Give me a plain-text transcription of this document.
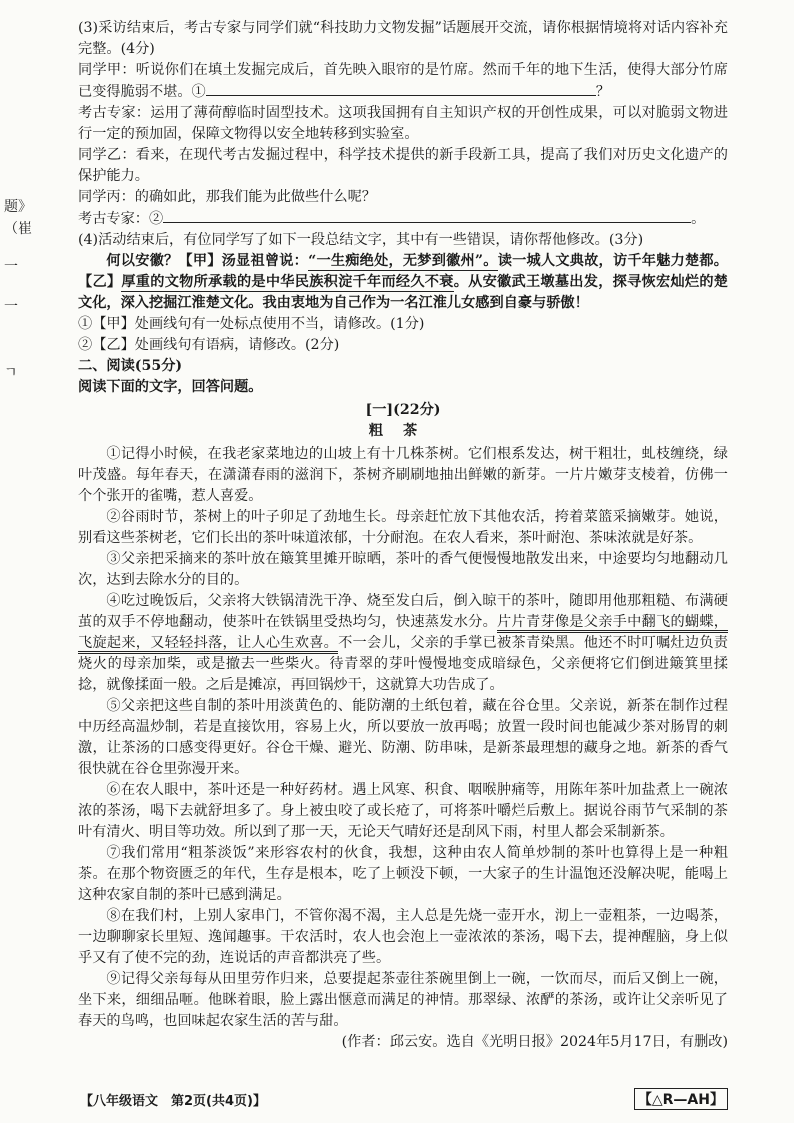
题》
（崔
一
一
ㄱ

(3)采访结束后，考古专家与同学们就“科技助力文物发掘”话题展开交流，请你根据情境将对话内容补充完整。(4分)

同学甲：听说你们在填土发掘完成后，首先映入眼帘的是竹席。然而千年的地下生活，使得大部分竹席已变得脆弱不堪。①	？

考古专家：运用了薄荷醇临时固型技术。这项我国拥有自主知识产权的开创性成果，可以对脆弱文物进行一定的预加固，保障文物得以安全地转移到实验室。

同学乙：看来，在现代考古发掘过程中，科学技术提供的新手段新工具，提高了我们对历史文化遗产的保护能力。

同学丙：的确如此，那我们能为此做些什么呢？

考古专家：②	。

(4)活动结束后，有位同学写了如下一段总结文字，其中有一些错误，请你帮他修改。(3分)

何以安徽？【甲】汤显祖曾说：“一生痴绝处，无梦到徽州”。读一城人文典故，访千年魅力楚都。【乙】厚重的文物所承载的是中华民族积淀千年而经久不衰。从安徽武王墩墓出发，探寻恢宏灿烂的楚文化，深入挖掘江淮楚文化。我由衷地为自己作为一名江淮儿女感到自豪与骄傲！

①【甲】处画线句有一处标点使用不当，请修改。(1分)

②【乙】处画线句有语病，请修改。(2分)

二、阅读(55分)

阅读下面的文字，回答问题。

[一](22分)

粗茶

①记得小时候，在我老家菜地边的山坡上有十几株茶树。它们根系发达，树干粗壮，虬枝缠绕，绿叶茂盛。每年春天，在潇潇春雨的滋润下，茶树齐刷刷地抽出鲜嫩的新芽。一片片嫩芽支棱着，仿佛一个个张开的雀嘴，惹人喜爱。

②谷雨时节，茶树上的叶子卯足了劲地生长。母亲赶忙放下其他农活，挎着菜篮采摘嫩芽。她说，别看这些茶树老，它们长出的茶叶味道浓郁，十分耐泡。在农人看来，茶叶耐泡、茶味浓就是好茶。

③父亲把采摘来的茶叶放在簸箕里摊开晾晒，茶叶的香气便慢慢地散发出来，中途要均匀地翻动几次，达到去除水分的目的。

④吃过晚饭后，父亲将大铁锅清洗干净、烧至发白后，倒入晾干的茶叶，随即用他那粗糙、布满硬茧的双手不停地翻动，使茶叶在铁锅里受热均匀，快速蒸发水分。片片青芽像是父亲手中翻飞的蝴蝶，飞旋起来，又轻轻抖落，让人心生欢喜。不一会儿，父亲的手掌已被茶青染黑。他还不时叮嘱灶边负责烧火的母亲加柴，或是撤去一些柴火。待青翠的芽叶慢慢地变成暗绿色，父亲便将它们倒进簸箕里揉捻，就像揉面一般。之后是摊凉，再回锅炒干，这就算大功告成了。

⑤父亲把这些自制的茶叶用淡黄色的、能防潮的土纸包着，藏在谷仓里。父亲说，新茶在制作过程中历经高温炒制，若是直接饮用，容易上火，所以要放一放再喝；放置一段时间也能减少茶对肠胃的刺激，让茶汤的口感变得更好。谷仓干燥、避光、防潮、防串味，是新茶最理想的藏身之地。新茶的香气很快就在谷仓里弥漫开来。

⑥在农人眼中，茶叶还是一种好药材。遇上风寒、积食、咽喉肿痛等，用陈年茶叶加盐煮上一碗浓浓的茶汤，喝下去就舒坦多了。身上被虫咬了或长疮了，可将茶叶嚼烂后敷上。据说谷雨节气采制的茶叶有清火、明目等功效。所以到了那一天，无论天气晴好还是刮风下雨，村里人都会采制新茶。

⑦我们常用“粗茶淡饭”来形容农村的伙食，我想，这种由农人简单炒制的茶叶也算得上是一种粗茶。在那个物资匮乏的年代，生存是根本，吃了上顿没下顿，一大家子的生计温饱还没解决呢，能喝上这种农家自制的茶叶已感到满足。

⑧在我们村，上别人家串门，不管你渴不渴，主人总是先烧一壶开水，沏上一壶粗茶，一边喝茶，一边聊聊家长里短、逸闻趣事。干农活时，农人也会泡上一壶浓浓的茶汤，喝下去，提神醒脑，身上似乎又有了使不完的劲，连说话的声音都洪亮了些。

⑨记得父亲每每从田里劳作归来，总要提起茶壶往茶碗里倒上一碗，一饮而尽，而后又倒上一碗，坐下来，细细品咂。他眯着眼，脸上露出惬意而满足的神情。那翠绿、浓酽的茶汤，或许让父亲听见了春天的鸟鸣，也回味起农家生活的苦与甜。

(作者：邱云安。选自《光明日报》2024年5月17日，有删改)

【八年级语文　第2页(共4页)】	【△R—AH】
